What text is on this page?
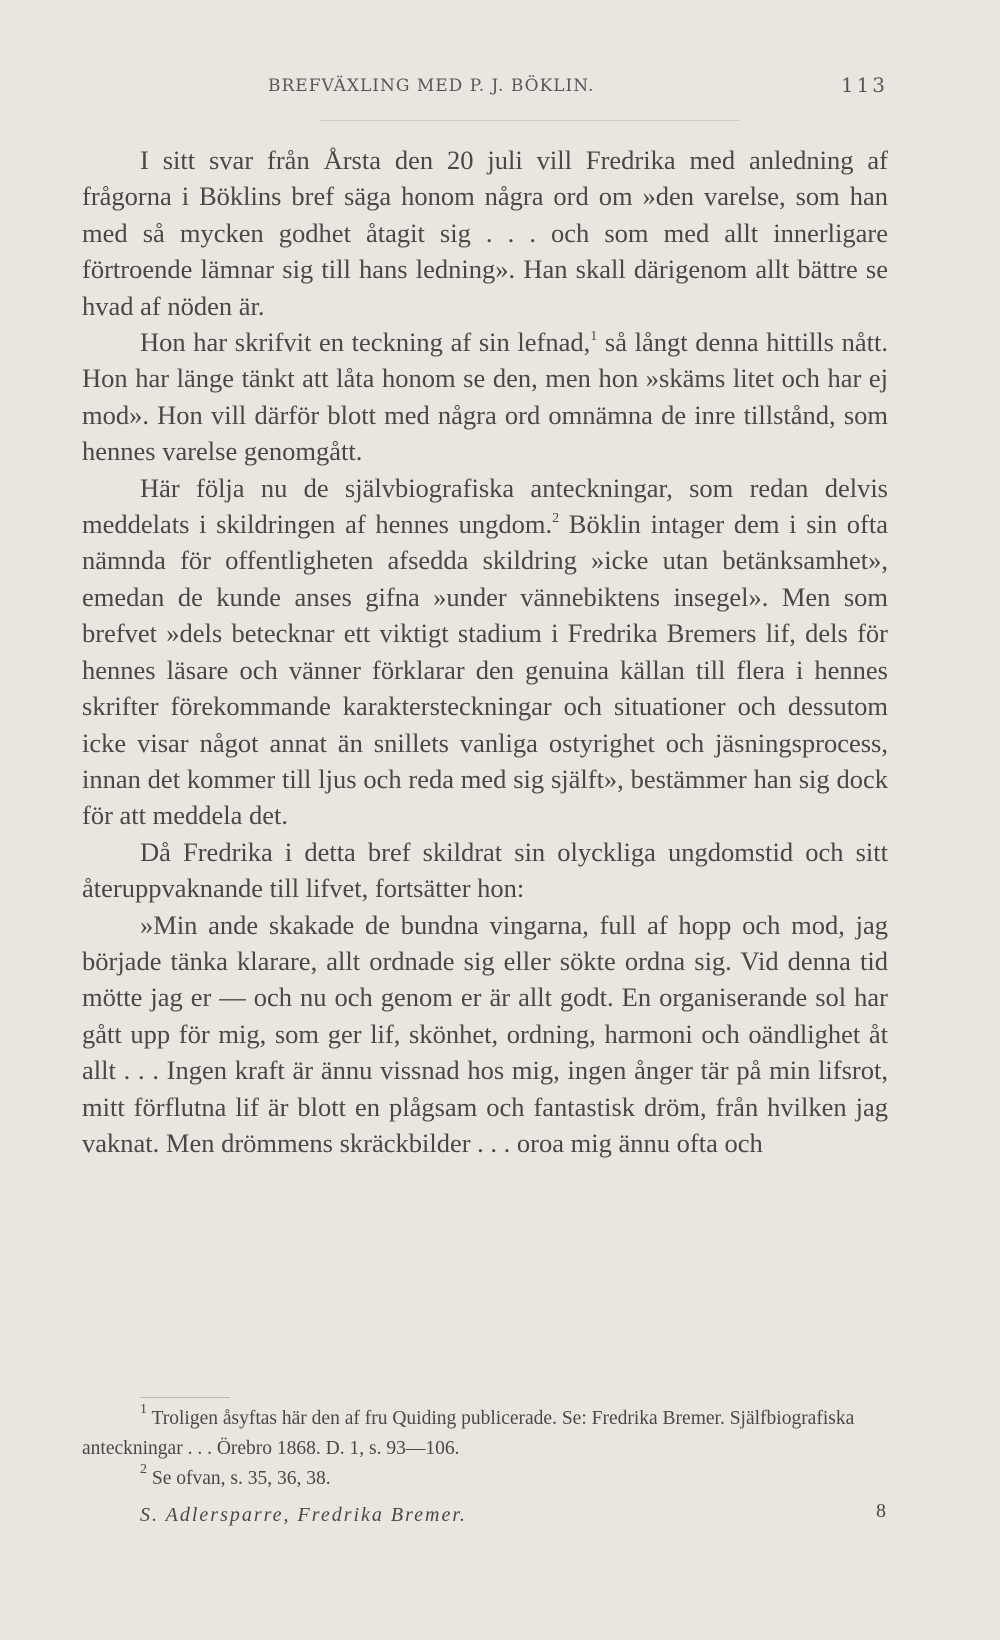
BREFVÄXLING MED P. J. BÖKLIN.	113

I sitt svar från Årsta den 20 juli vill Fredrika med anledning af frågorna i Böklins bref säga honom några ord om »den varelse, som han med så mycken godhet åtagit sig . . . och som med allt innerligare förtroende lämnar sig till hans ledning». Han skall därigenom allt bättre se hvad af nöden är.

Hon har skrifvit en teckning af sin lefnad,$^1$ så långt denna hittills nått. Hon har länge tänkt att låta honom se den, men hon »skäms litet och har ej mod». Hon vill därför blott med några ord omnämna de inre tillstånd, som hennes varelse genomgått.

Här följa nu de självbiografiska anteckningar, som redan delvis meddelats i skildringen af hennes ungdom.$^2$ Böklin intager dem i sin ofta nämnda för offentligheten afsedda skildring »icke utan betänksamhet», emedan de kunde anses gifna »under vännebiktens insegel». Men som brefvet »dels betecknar ett viktigt stadium i Fredrika Bremers lif, dels för hennes läsare och vänner förklarar den genuina källan till flera i hennes skrifter förekommande karaktersteckningar och situationer och dessutom icke visar något annat än snillets vanliga ostyrighet och jäsningsprocess, innan det kommer till ljus och reda med sig själft», bestämmer han sig dock för att meddela det.

Då Fredrika i detta bref skildrat sin olyckliga ungdomstid och sitt återuppvaknande till lifvet, fortsätter hon:

»Min ande skakade de bundna vingarna, full af hopp och mod, jag började tänka klarare, allt ordnade sig eller sökte ordna sig. Vid denna tid mötte jag er — och nu och genom er är allt godt. En organiserande sol har gått upp för mig, som ger lif, skönhet, ordning, harmoni och oändlighet åt allt . . . Ingen kraft är ännu vissnad hos mig, ingen ånger tär på min lifsrot, mitt förflutna lif är blott en plågsam och fantastisk dröm, från hvilken jag vaknat. Men drömmens skräckbilder . . . oroa mig ännu ofta och

$^1$ Troligen åsyftas här den af fru Quiding publicerade. Se: Fredrika Bremer. Själfbiografiska anteckningar . . . Örebro 1868. D. 1, s. 93—106.

$^2$ Se ofvan, s. 35, 36, 38.

S. Adlersparre, Fredrika Bremer.	8
